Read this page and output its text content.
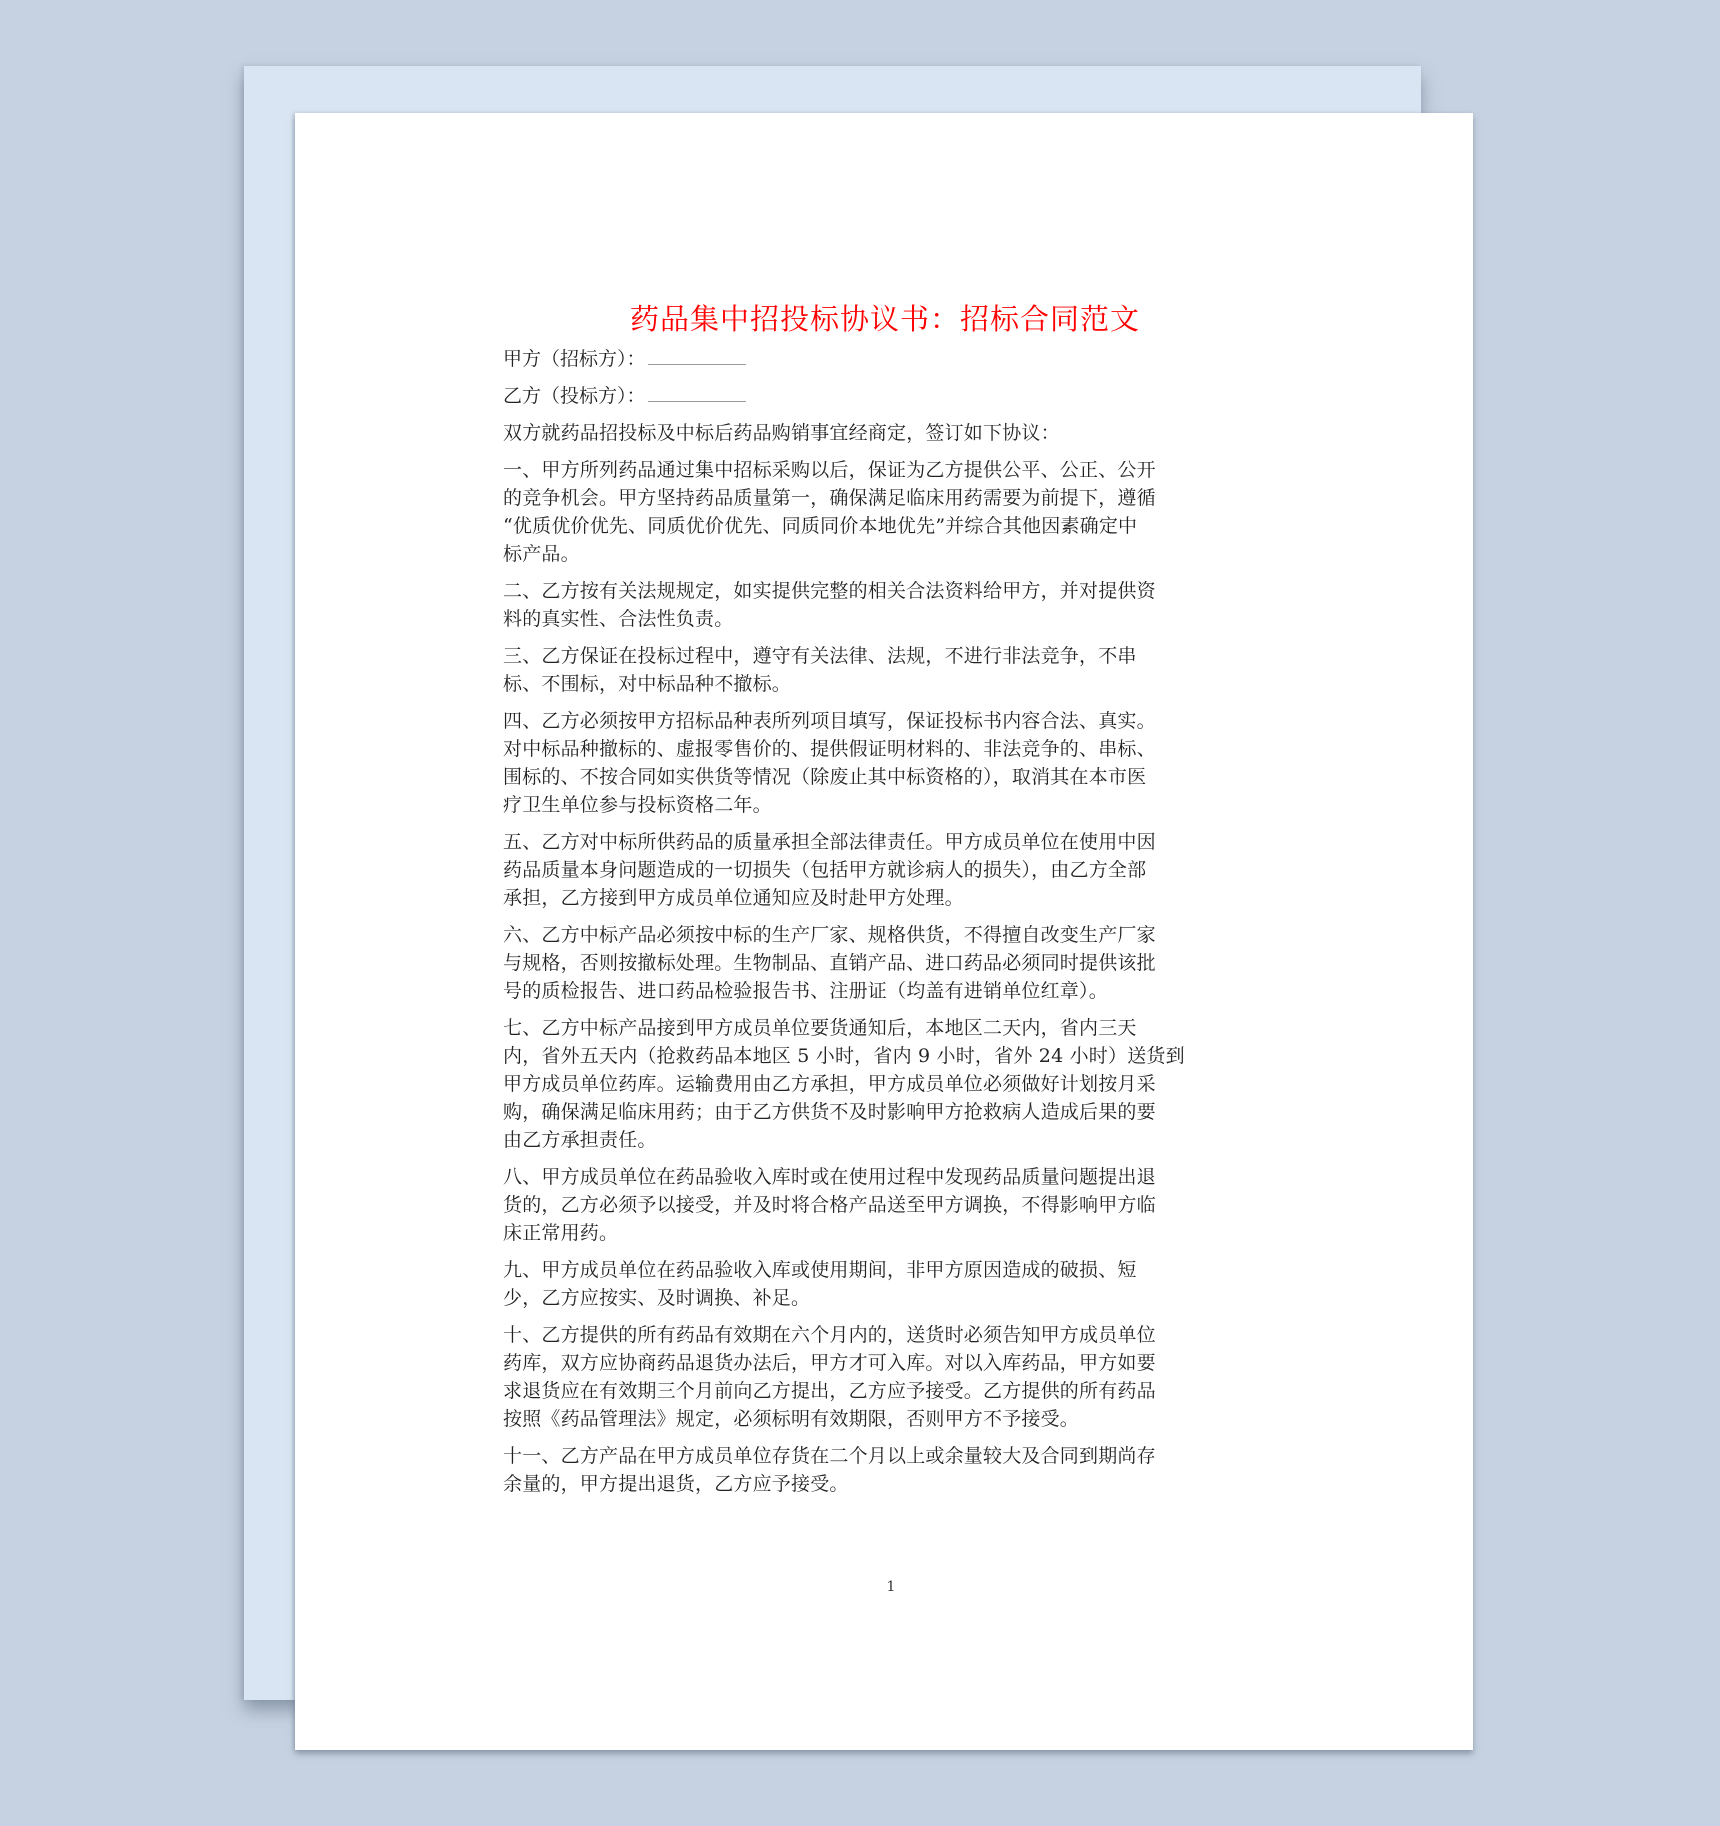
药品集中招投标协议书：招标合同范文
甲方（招标方）：
乙方（投标方）：

双方就药品招投标及中标后药品购销事宜经商定，签订如下协议：

一、甲方所列药品通过集中招标采购以后，保证为乙方提供公平、公正、公开
的竞争机会。甲方坚持药品质量第一，确保满足临床用药需要为前提下，遵循
“优质优价优先、同质优价优先、同质同价本地优先”并综合其他因素确定中
标产品。

二、乙方按有关法规规定，如实提供完整的相关合法资料给甲方，并对提供资
料的真实性、合法性负责。

三、乙方保证在投标过程中，遵守有关法律、法规，不进行非法竞争，不串
标、不围标，对中标品种不撤标。

四、乙方必须按甲方招标品种表所列项目填写，保证投标书内容合法、真实。
对中标品种撤标的、虚报零售价的、提供假证明材料的、非法竞争的、串标、
围标的、不按合同如实供货等情况（除废止其中标资格的），取消其在本市医
疗卫生单位参与投标资格二年。

五、乙方对中标所供药品的质量承担全部法律责任。甲方成员单位在使用中因
药品质量本身问题造成的一切损失（包括甲方就诊病人的损失），由乙方全部
承担，乙方接到甲方成员单位通知应及时赴甲方处理。

六、乙方中标产品必须按中标的生产厂家、规格供货，不得擅自改变生产厂家
与规格，否则按撤标处理。生物制品、直销产品、进口药品必须同时提供该批
号的质检报告、进口药品检验报告书、注册证（均盖有进销单位红章）。

七、乙方中标产品接到甲方成员单位要货通知后，本地区二天内，省内三天
内，省外五天内（抢救药品本地区 5 小时，省内 9 小时，省外 24 小时）送货到
甲方成员单位药库。运输费用由乙方承担，甲方成员单位必须做好计划按月采
购，确保满足临床用药；由于乙方供货不及时影响甲方抢救病人造成后果的要
由乙方承担责任。

八、甲方成员单位在药品验收入库时或在使用过程中发现药品质量问题提出退
货的，乙方必须予以接受，并及时将合格产品送至甲方调换，不得影响甲方临
床正常用药。

九、甲方成员单位在药品验收入库或使用期间，非甲方原因造成的破损、短
少，乙方应按实、及时调换、补足。

十、乙方提供的所有药品有效期在六个月内的，送货时必须告知甲方成员单位
药库，双方应协商药品退货办法后，甲方才可入库。对以入库药品，甲方如要
求退货应在有效期三个月前向乙方提出，乙方应予接受。乙方提供的所有药品
按照《药品管理法》规定，必须标明有效期限，否则甲方不予接受。

十一、乙方产品在甲方成员单位存货在二个月以上或余量较大及合同到期尚存
余量的，甲方提出退货，乙方应予接受。

1
